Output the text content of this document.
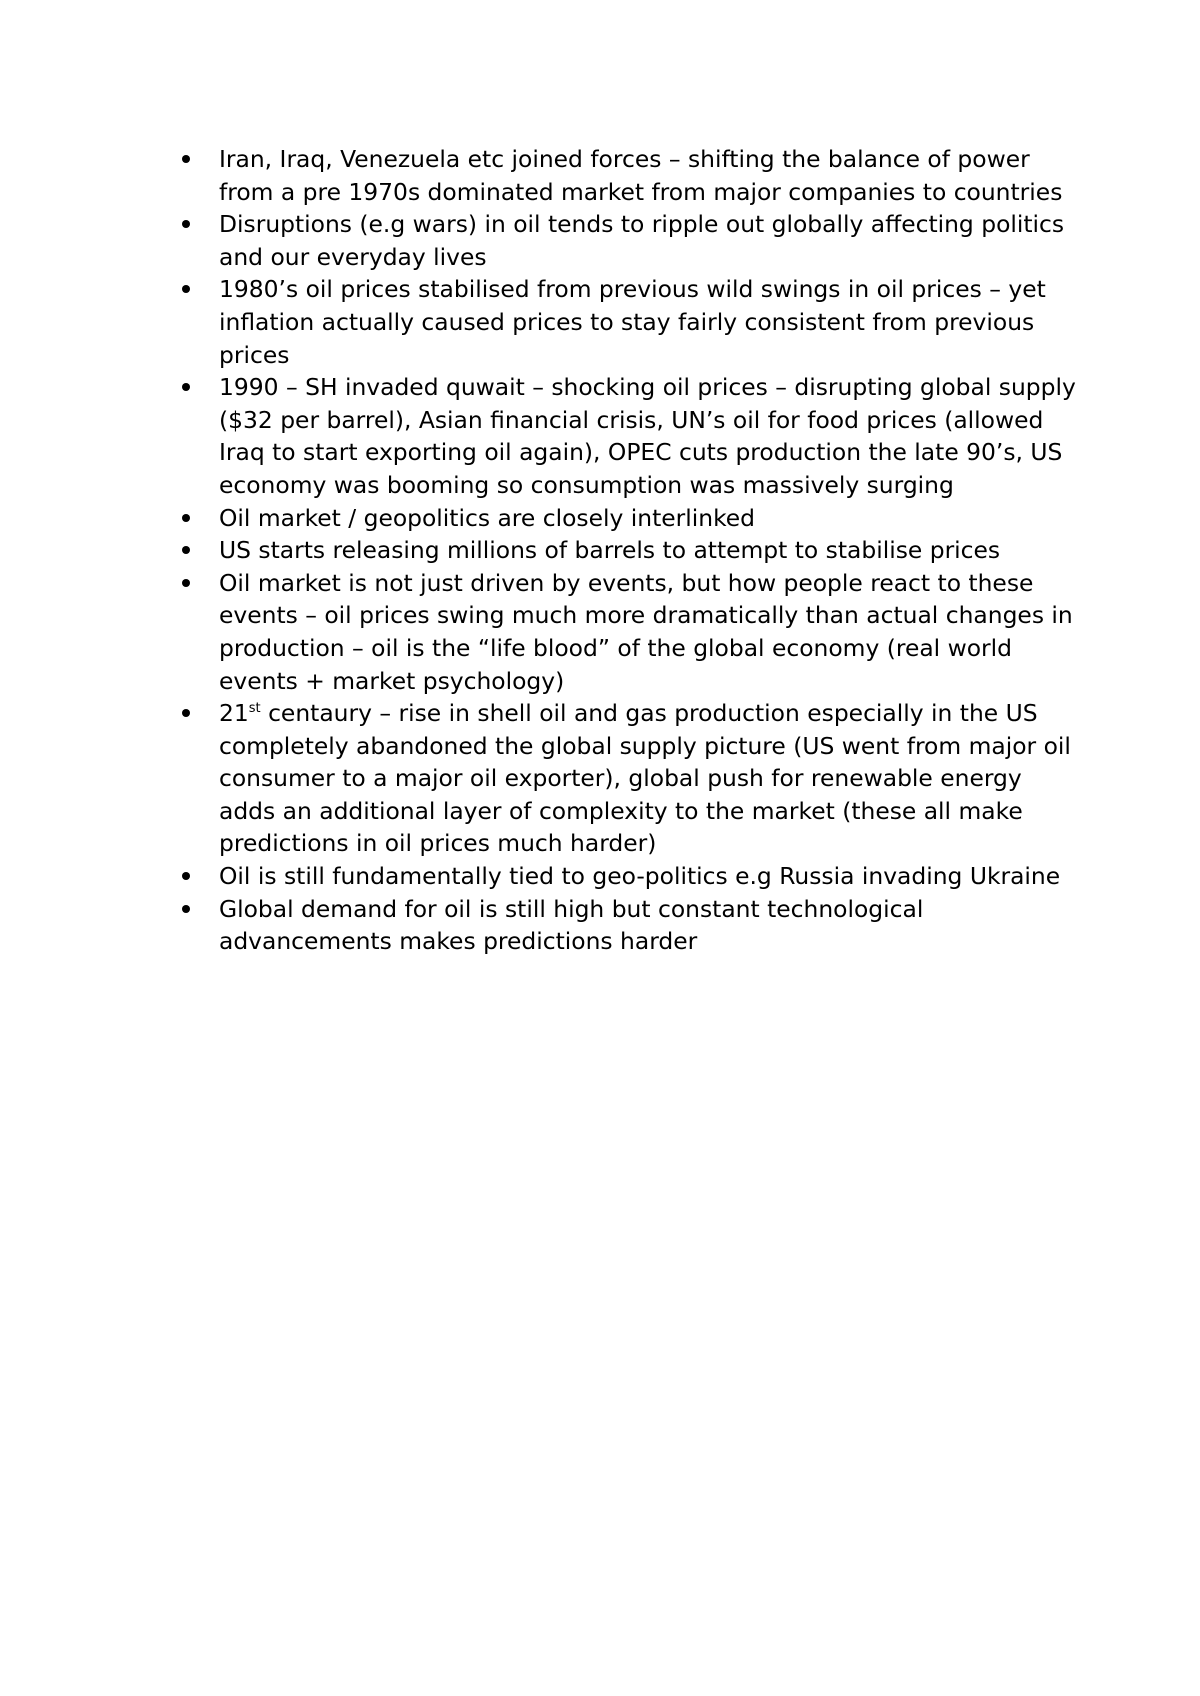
Iran, Iraq, Venezuela etc joined forces – shifting the balance of power from a pre 1970s dominated market from major companies to countries
Disruptions (e.g wars) in oil tends to ripple out globally affecting politics and our everyday lives
1980’s oil prices stabilised from previous wild swings in oil prices – yet inflation actually caused prices to stay fairly consistent from previous prices
1990 – SH invaded quwait – shocking oil prices – disrupting global supply ($32 per barrel), Asian financial crisis, UN’s oil for food prices (allowed Iraq to start exporting oil again), OPEC cuts production the late 90’s, US economy was booming so consumption was massively surging
Oil market / geopolitics are closely interlinked
US starts releasing millions of barrels to attempt to stabilise prices
Oil market is not just driven by events, but how people react to these events – oil prices swing much more dramatically than actual changes in production – oil is the “life blood” of the global economy (real world events + market psychology)
21st centaury – rise in shell oil and gas production especially in the US completely abandoned the global supply picture (US went from major oil consumer to a major oil exporter), global push for renewable energy adds an additional layer of complexity to the market (these all make predictions in oil prices much harder)
Oil is still fundamentally tied to geo-politics e.g Russia invading Ukraine
Global demand for oil is still high but constant technological advancements makes predictions harder
